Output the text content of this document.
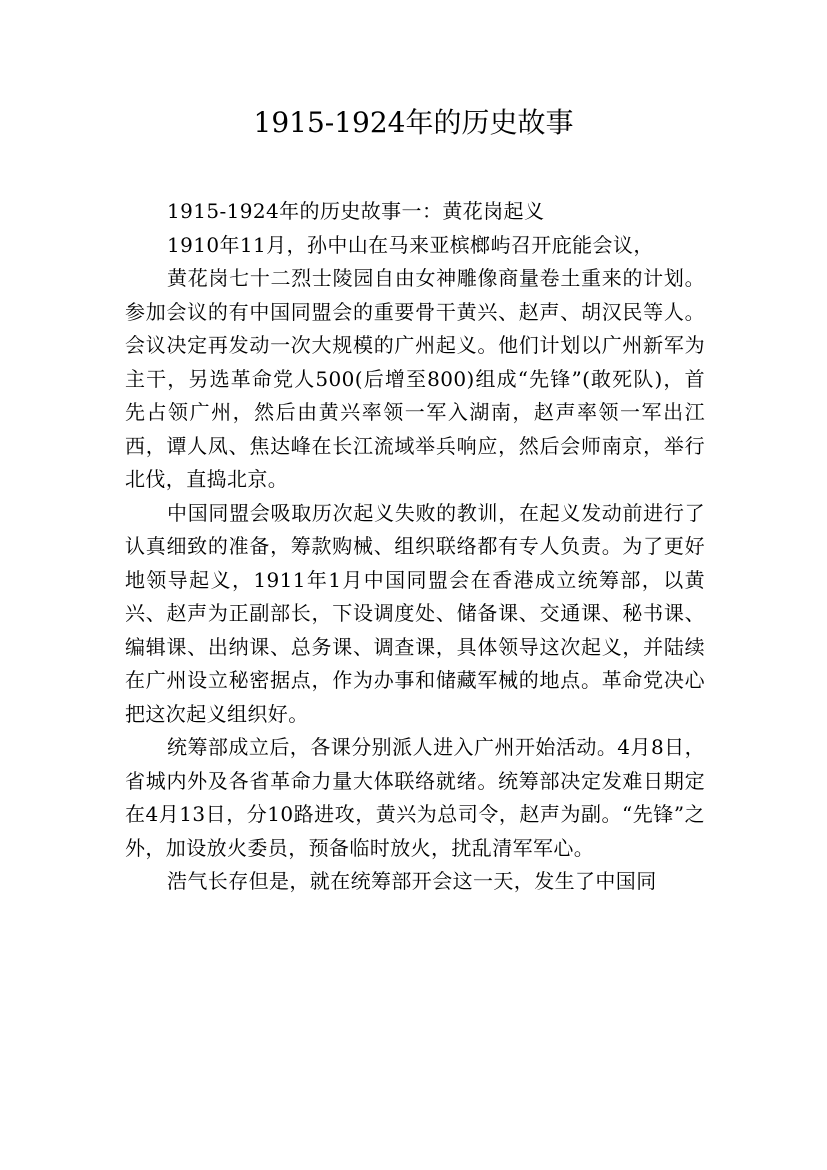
1915-1924年的历史故事

1915-1924年的历史故事一：黄花岗起义

1910年11月，孙中山在马来亚槟榔屿召开庇能会议，

黄花岗七十二烈士陵园自由女神雕像商量卷土重来的计划。参加会议的有中国同盟会的重要骨干黄兴、赵声、胡汉民等人。会议决定再发动一次大规模的广州起义。他们计划以广州新军为主干，另选革命党人500(后增至800)组成“先锋”(敢死队)，首先占领广州，然后由黄兴率领一军入湖南，赵声率领一军出江西，谭人凤、焦达峰在长江流域举兵响应，然后会师南京，举行北伐，直捣北京。

中国同盟会吸取历次起义失败的教训，在起义发动前进行了认真细致的准备，筹款购械、组织联络都有专人负责。为了更好地领导起义，1911年1月中国同盟会在香港成立统筹部，以黄兴、赵声为正副部长，下设调度处、储备课、交通课、秘书课、编辑课、出纳课、总务课、调查课，具体领导这次起义，并陆续在广州设立秘密据点，作为办事和储藏军械的地点。革命党决心把这次起义组织好。

统筹部成立后，各课分别派人进入广州开始活动。4月8日，省城内外及各省革命力量大体联络就绪。统筹部决定发难日期定在4月13日，分10路进攻，黄兴为总司令，赵声为副。“先锋”之外，加设放火委员，预备临时放火，扰乱清军军心。

浩气长存但是，就在统筹部开会这一天，发生了中国同
